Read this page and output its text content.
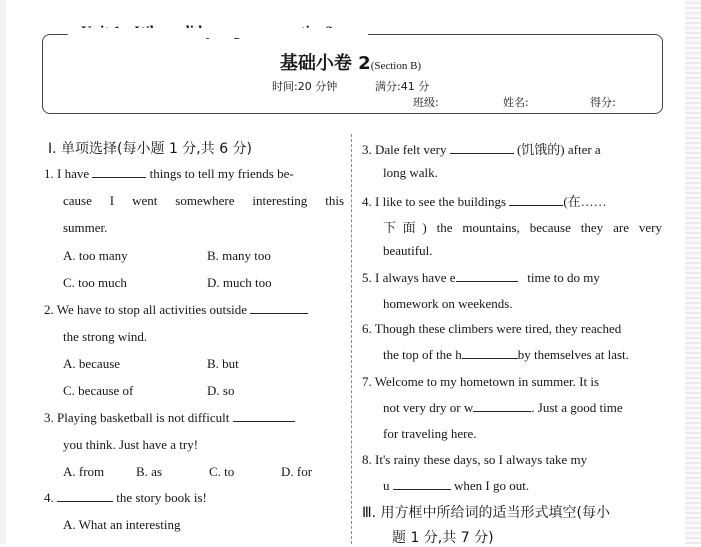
基础小卷 2(Section B)
时间:20 分钟	满分:41 分
班级:	姓名:	得分:
Ⅰ. 单项选择(每小题 1 分,共 6 分)
1. I have	things to tell my friends be-
cause I went somewhere interesting this
summer.
A. too many	B. many too
C. too much	D. much too
2. We have to stop all activities outside
the strong wind.
A. because	B. but
C. because of	D. so
3. Playing basketball is not difficult
you think. Just have a try!
A. from B. as	C. to	D. for
4.	the story book is!
A. What an interesting
3. Dale felt very	(饥饿的) after a
long walk.
4. I like to see the buildings	(在……
下面) the mountains, because they are very
beautiful.
5. I always have e	time to do my
homework on weekends.
6. Though these climbers were tired, they reached
the top of the h	by themselves at last.
7. Welcome to my hometown in summer. It is
not very dry or w	. Just a good time
for traveling here.
8. It's rainy these days, so I always take my
u	when I go out.
Ⅲ. 用方框中所给词的适当形式填空(每小
题 1 分,共 7 分)
